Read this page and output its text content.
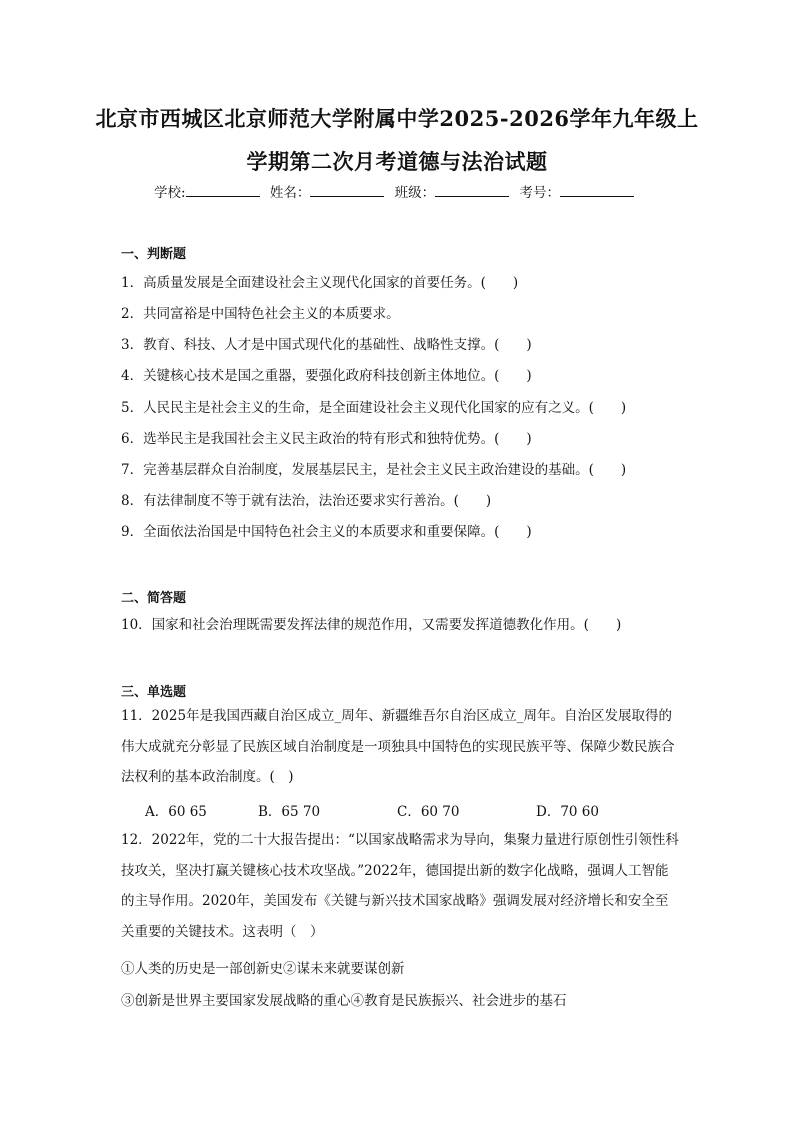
北京市西城区北京师范大学附属中学2025-2026学年九年级上
学期第二次月考道德与法治试题
学校:	姓名：	班级：	考号：
一、判断题
1．高质量发展是全面建设社会主义现代化国家的首要任务。(　　)
2．共同富裕是中国特色社会主义的本质要求。
3．教育、科技、人才是中国式现代化的基础性、战略性支撑。(　　)
4．关键核心技术是国之重器，要强化政府科技创新主体地位。(　　)
5．人民民主是社会主义的生命，是全面建设社会主义现代化国家的应有之义。(　　)
6．选举民主是我国社会主义民主政治的特有形式和独特优势。(　　)
7．完善基层群众自治制度，发展基层民主，是社会主义民主政治建设的基础。(　　)
8．有法律制度不等于就有法治，法治还要求实行善治。(　　)
9．全面依法治国是中国特色社会主义的本质要求和重要保障。(　　)
二、简答题
10．国家和社会治理既需要发挥法律的规范作用，又需要发挥道德教化作用。(　　)
三、单选题
11．2025年是我国西藏自治区成立_周年、新疆维吾尔自治区成立_周年。自治区发展取得的伟大成就充分彰显了民族区域自治制度是一项独具中国特色的实现民族平等、保障少数民族合法权利的基本政治制度。(　)
A．60 65	B．65 70	C．60 70	D．70 60
12．2022年，党的二十大报告提出：“以国家战略需求为导向，集聚力量进行原创性引领性科技攻关，坚决打赢关键核心技术攻坚战。”2022年，德国提出新的数字化战略，强调人工智能的主导作用。2020年，美国发布《关键与新兴技术国家战略》强调发展对经济增长和安全至关重要的关键技术。这表明（　）
①人类的历史是一部创新史②谋未来就要谋创新
③创新是世界主要国家发展战略的重心④教育是民族振兴、社会进步的基石
